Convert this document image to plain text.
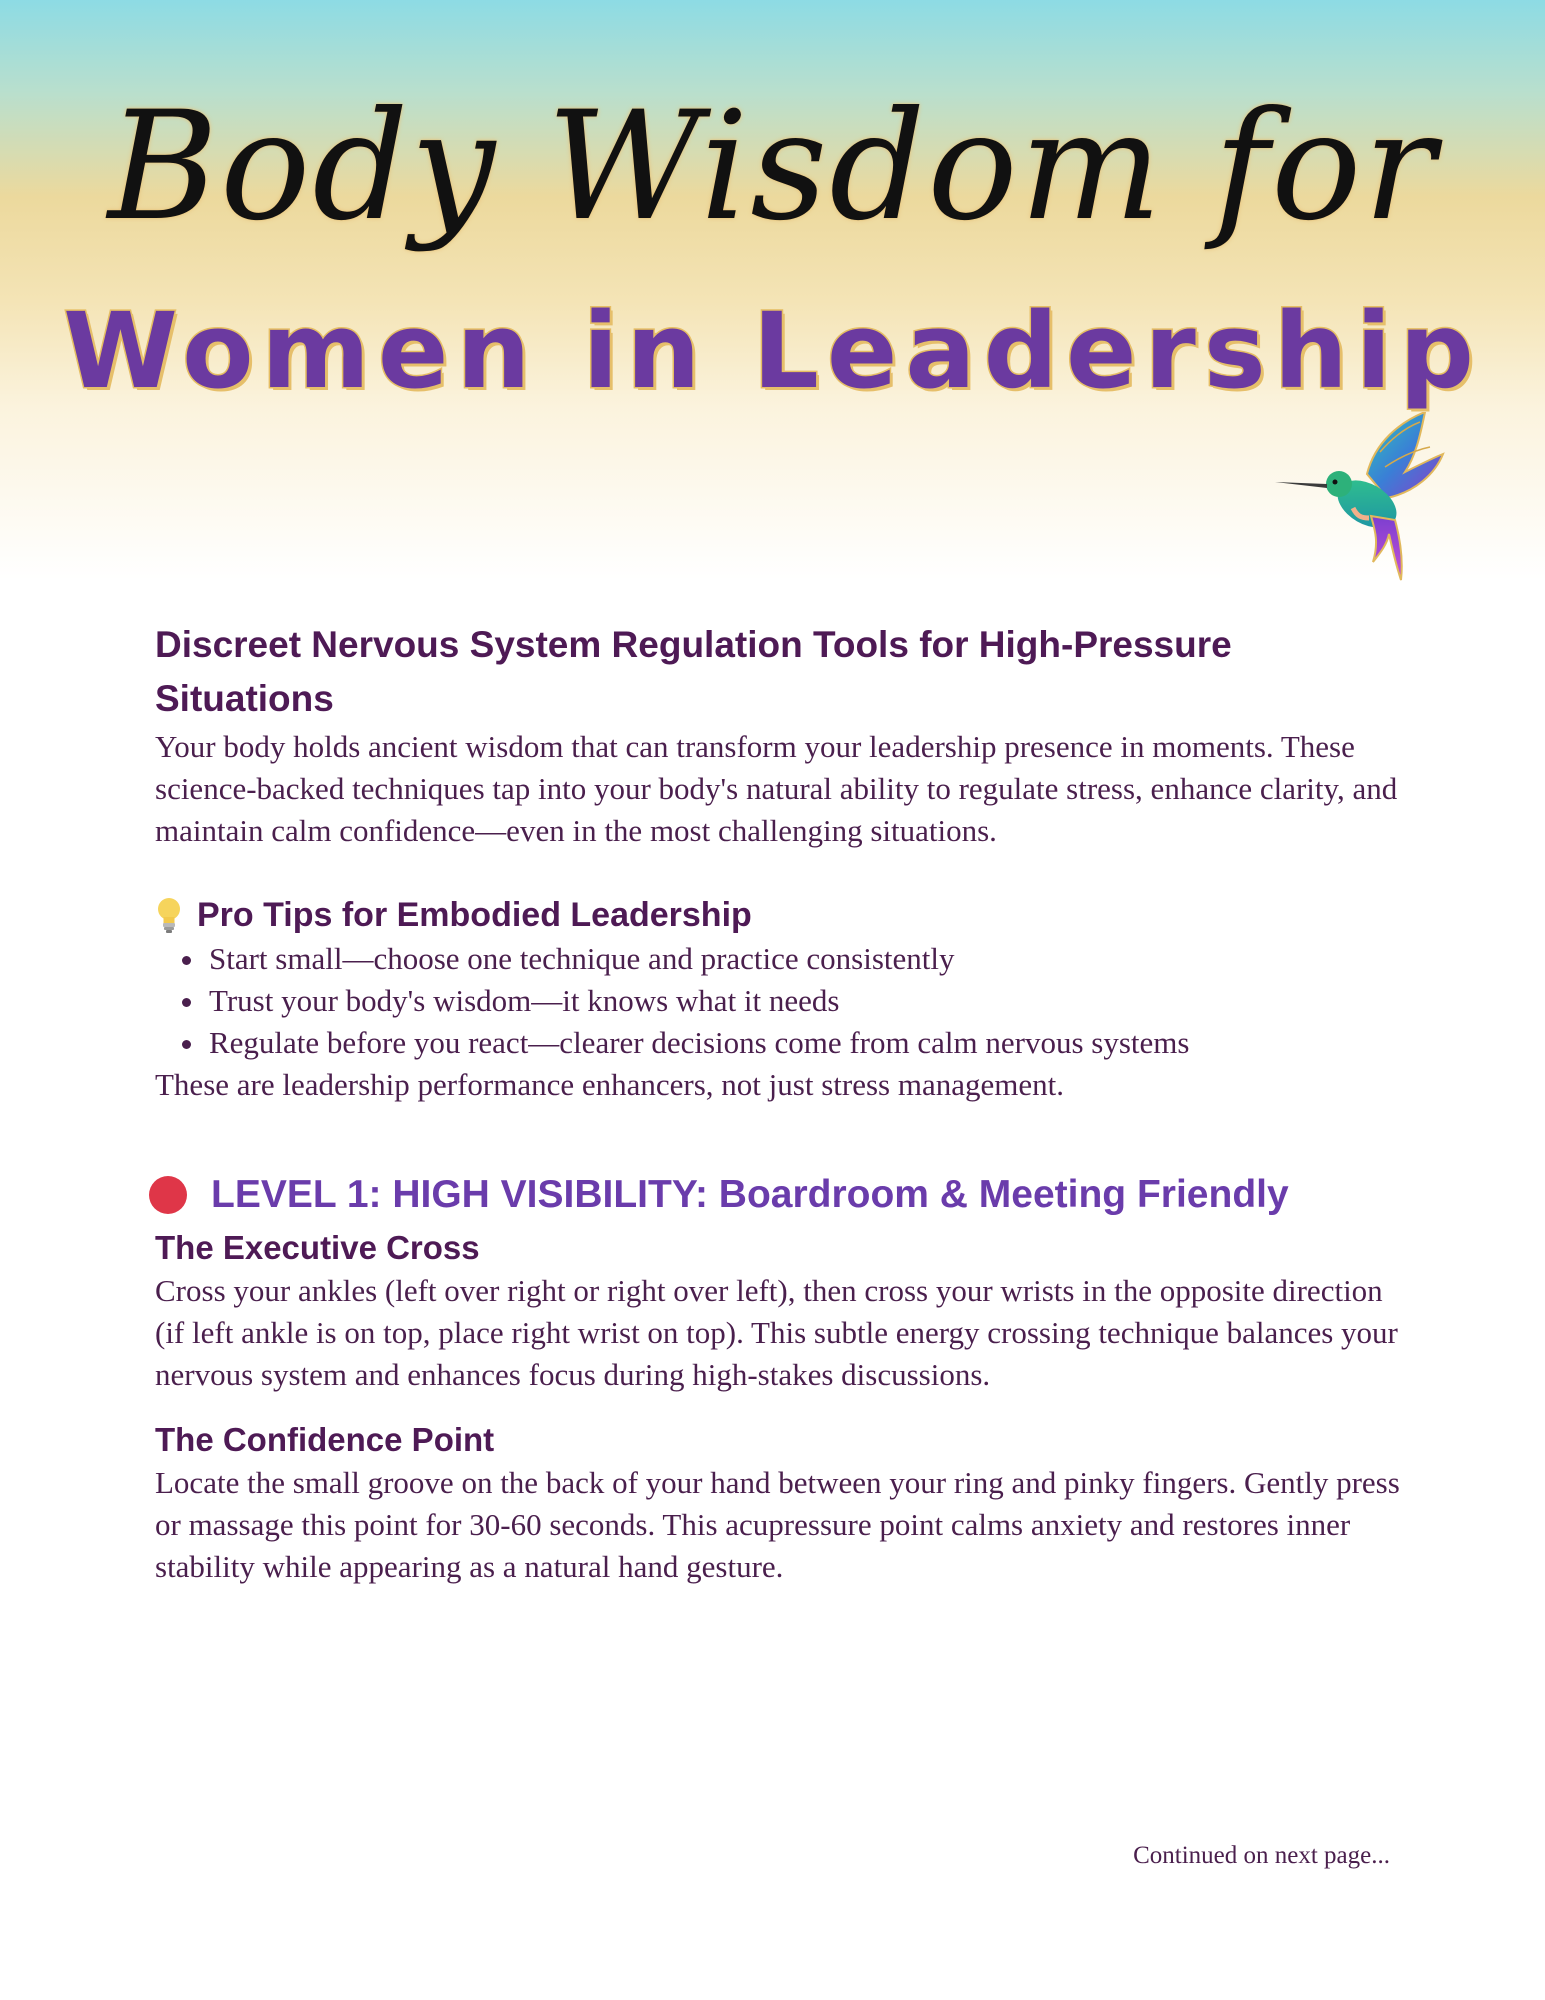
Body Wisdom for
Women in Leadership
Discreet Nervous System Regulation Tools for High-Pressure Situations

Your body holds ancient wisdom that can transform your leadership presence in moments. These science-backed techniques tap into your body's natural ability to regulate stress, enhance clarity, and maintain calm confidence—even in the most challenging situations.

Pro Tips for Embodied Leadership
• Start small—choose one technique and practice consistently
• Trust your body's wisdom—it knows what it needs
• Regulate before you react—clearer decisions come from calm nervous systems

These are leadership performance enhancers, not just stress management.

LEVEL 1: HIGH VISIBILITY: Boardroom & Meeting Friendly
The Executive Cross

Cross your ankles (left over right or right over left), then cross your wrists in the opposite direction (if left ankle is on top, place right wrist on top). This subtle energy crossing technique balances your nervous system and enhances focus during high-stakes discussions.

The Confidence Point

Locate the small groove on the back of your hand between your ring and pinky fingers. Gently press or massage this point for 30-60 seconds. This acupressure point calms anxiety and restores inner stability while appearing as a natural hand gesture.

Continued on next page...
